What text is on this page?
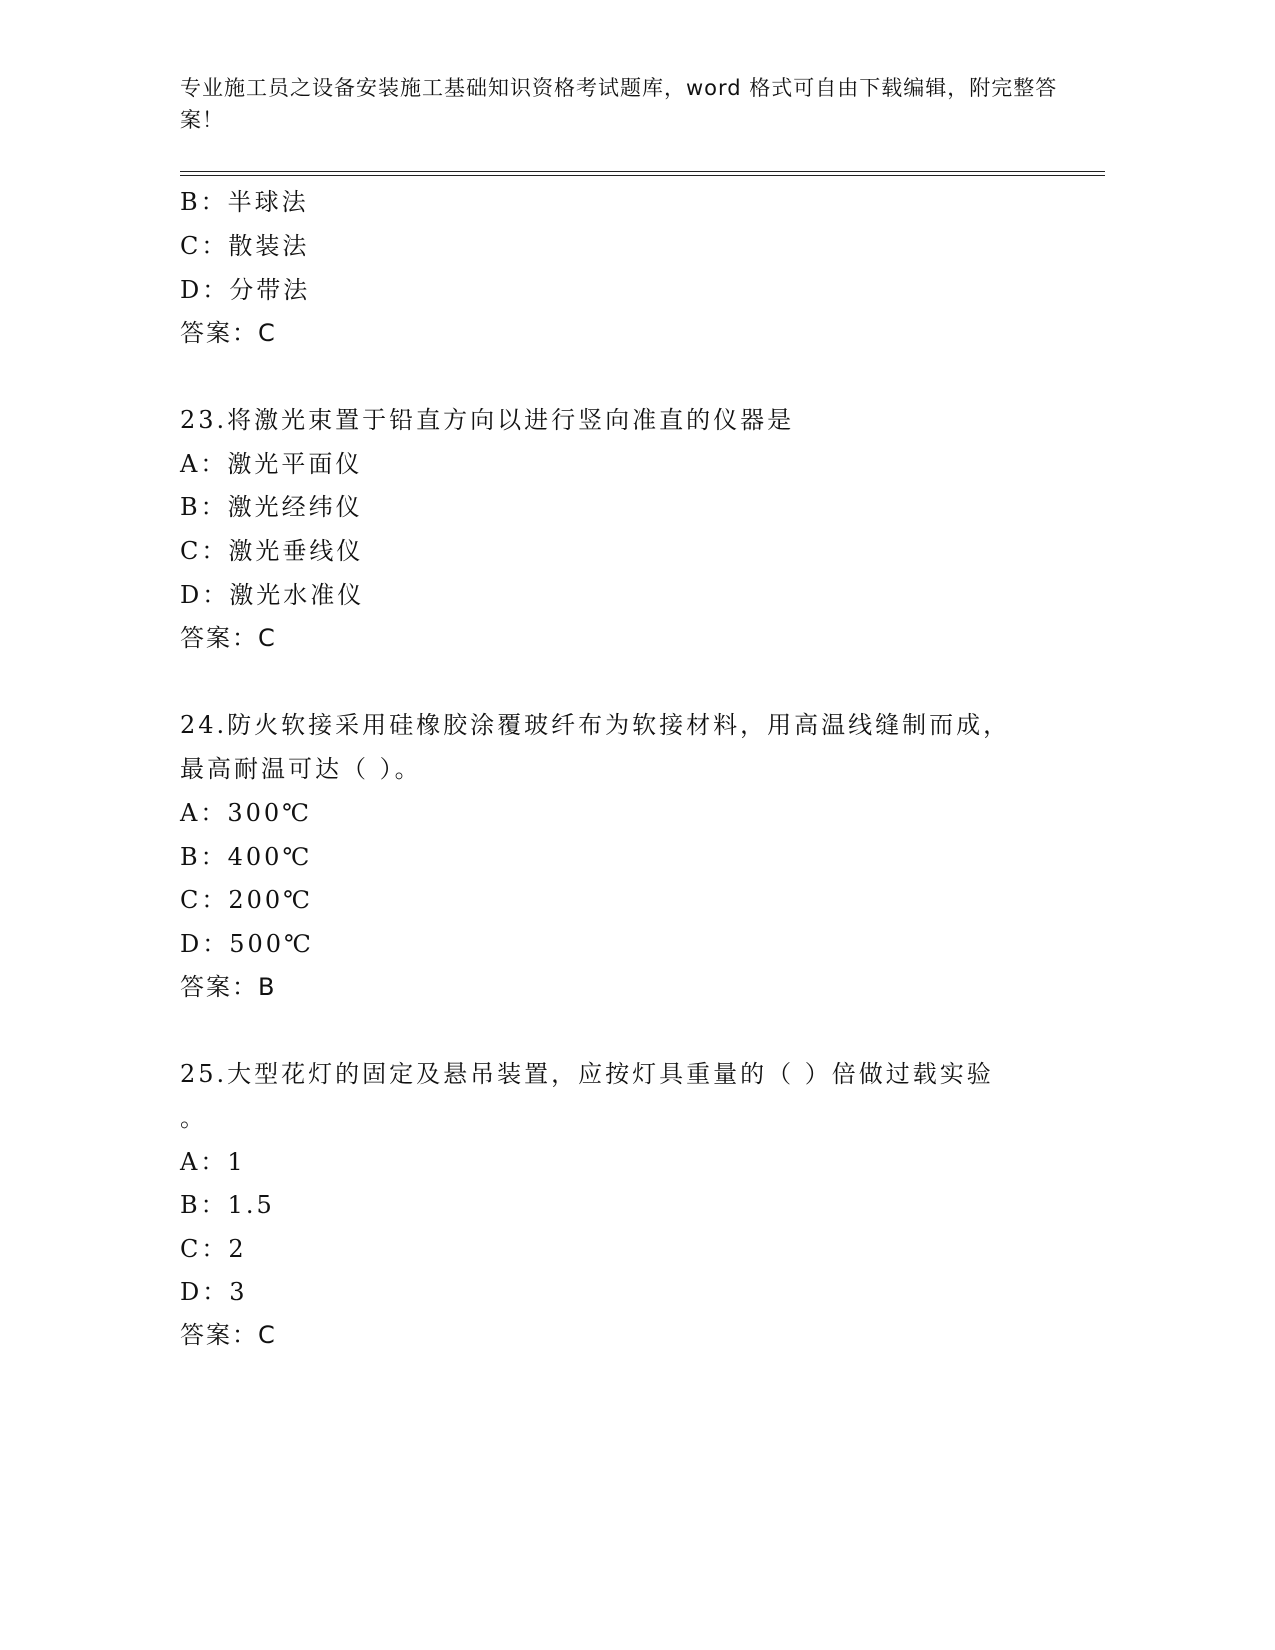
专业施工员之设备安装施工基础知识资格考试题库，word 格式可自由下载编辑，附完整答案！
B：半球法
C：散装法
D：分带法
答案：C
23.将激光束置于铅直方向以进行竖向准直的仪器是
A：激光平面仪
B：激光经纬仪
C：激光垂线仪
D：激光水准仪
答案：C
24.防火软接采用硅橡胶涂覆玻纤布为软接材料，用高温线缝制而成，
最高耐温可达（ ）。
A：300℃
B：400℃
C：200℃
D：500℃
答案：B
25.大型花灯的固定及悬吊装置，应按灯具重量的（ ）倍做过载实验
。
A：1
B：1.5
C：2
D：3
答案：C
